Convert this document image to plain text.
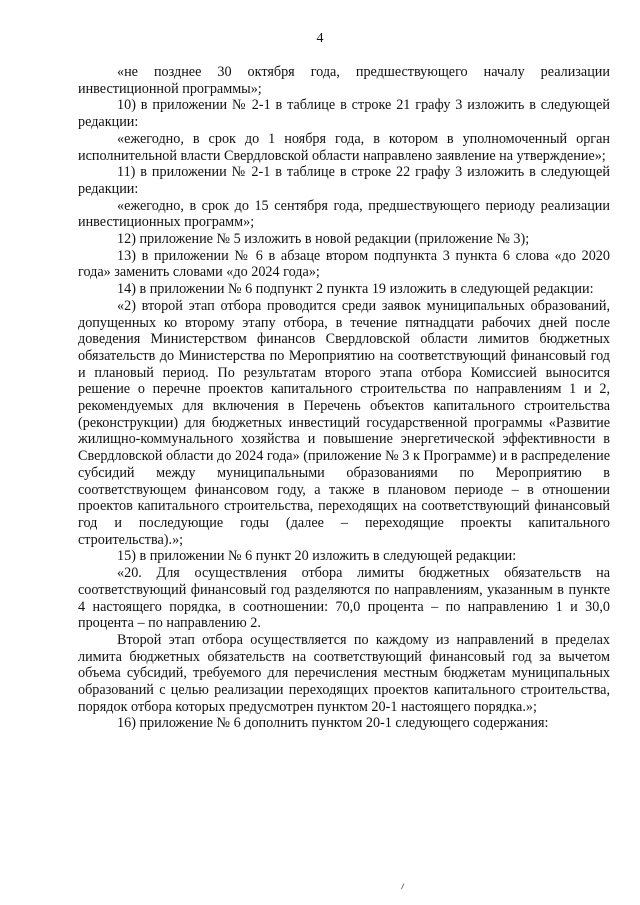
4

«не позднее 30 октября года, предшествующего началу реализации инвестиционной программы»;

10) в приложении № 2-1 в таблице в строке 21 графу 3 изложить в следующей редакции:

«ежегодно, в срок до 1 ноября года, в котором в уполномоченный орган исполнительной власти Свердловской области направлено заявление на утверждение»;

11) в приложении № 2-1 в таблице в строке 22 графу 3 изложить в следующей редакции:

«ежегодно, в срок до 15 сентября года, предшествующего периоду реализации инвестиционных программ»;

12) приложение № 5 изложить в новой редакции (приложение № 3);

13) в приложении № 6 в абзаце втором подпункта 3 пункта 6 слова «до 2020 года» заменить словами «до 2024 года»;

14) в приложении № 6 подпункт 2 пункта 19 изложить в следующей редакции:

«2) второй этап отбора проводится среди заявок муниципальных образований, допущенных ко второму этапу отбора, в течение пятнадцати рабочих дней после доведения Министерством финансов Свердловской области лимитов бюджетных обязательств до Министерства по Мероприятию на соответствующий финансовый год и плановый период. По результатам второго этапа отбора Комиссией выносится решение о перечне проектов капитального строительства по направлениям 1 и 2, рекомендуемых для включения в Перечень объектов капитального строительства (реконструкции) для бюджетных инвестиций государственной программы «Развитие жилищно-коммунального хозяйства и повышение энергетической эффективности в Свердловской области до 2024 года» (приложение № 3 к Программе) и в распределение субсидий между муниципальными образованиями по Мероприятию в соответствующем финансовом году, а также в плановом периоде – в отношении проектов капитального строительства, переходящих на соответствующий финансовый год и последующие годы (далее – переходящие проекты капитального строительства).»;

15) в приложении № 6 пункт 20 изложить в следующей редакции:

«20. Для осуществления отбора лимиты бюджетных обязательств на соответствующий финансовый год разделяются по направлениям, указанным в пункте 4 настоящего порядка, в соотношении: 70,0 процента – по направлению 1 и 30,0 процента – по направлению 2.

Второй этап отбора осуществляется по каждому из направлений в пределах лимита бюджетных обязательств на соответствующий финансовый год за вычетом объема субсидий, требуемого для перечисления местным бюджетам муниципальных образований с целью реализации переходящих проектов капитального строительства, порядок отбора которых предусмотрен пунктом 20-1 настоящего порядка.»;

16) приложение № 6 дополнить пунктом 20-1 следующего содержания:
